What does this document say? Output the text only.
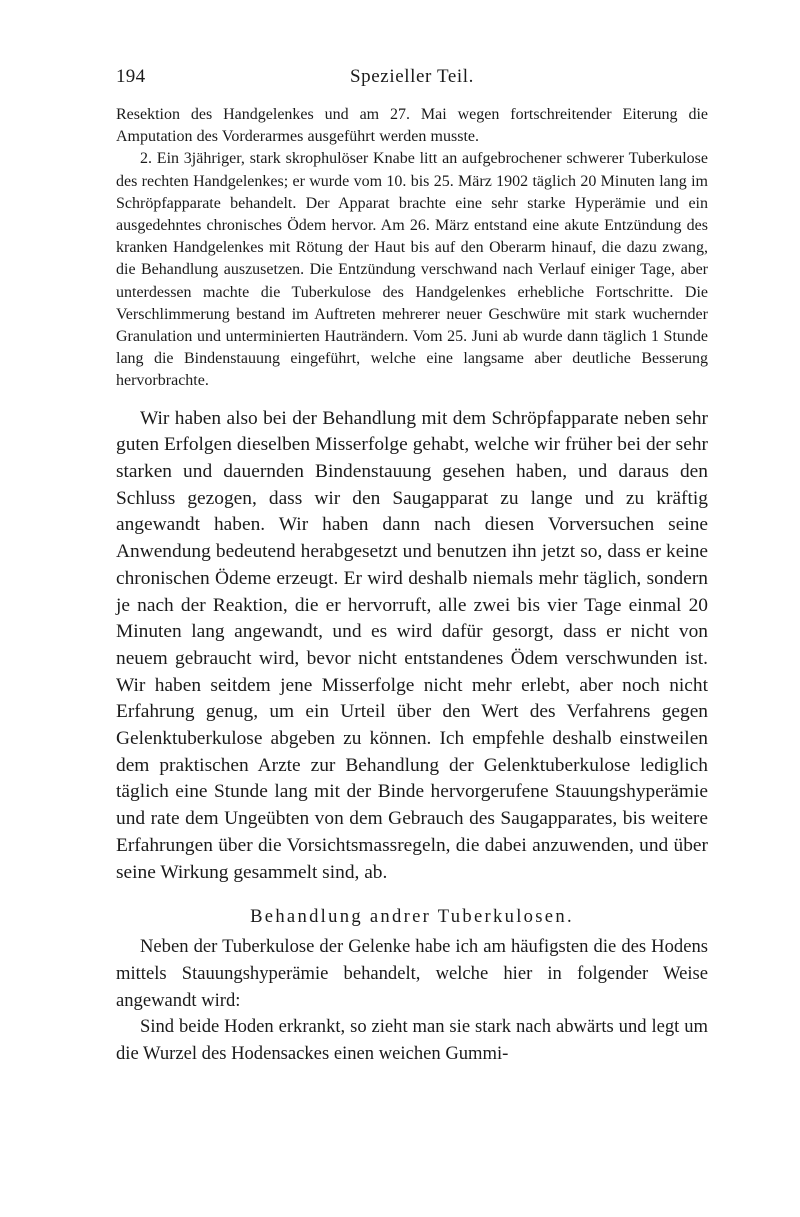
194	Spezieller Teil.

Resektion des Handgelenkes und am 27. Mai wegen fortschreitender Eiterung die Amputation des Vorderarmes ausgeführt werden musste.

2. Ein 3jähriger, stark skrophulöser Knabe litt an aufgebrochener schwerer Tuberkulose des rechten Handgelenkes; er wurde vom 10. bis 25. März 1902 täglich 20 Minuten lang im Schröpfapparate behandelt. Der Apparat brachte eine sehr starke Hyperämie und ein ausgedehntes chronisches Ödem hervor. Am 26. März entstand eine akute Entzündung des kranken Handgelenkes mit Rötung der Haut bis auf den Oberarm hinauf, die dazu zwang, die Behandlung auszusetzen. Die Entzündung verschwand nach Verlauf einiger Tage, aber unterdessen machte die Tuberkulose des Handgelenkes erhebliche Fortschritte. Die Verschlimmerung bestand im Auftreten mehrerer neuer Geschwüre mit stark wuchernder Granulation und unterminierten Hauträndern. Vom 25. Juni ab wurde dann täglich 1 Stunde lang die Bindenstauung eingeführt, welche eine langsame aber deutliche Besserung hervorbrachte.

Wir haben also bei der Behandlung mit dem Schröpfapparate neben sehr guten Erfolgen dieselben Misserfolge gehabt, welche wir früher bei der sehr starken und dauernden Bindenstauung gesehen haben, und daraus den Schluss gezogen, dass wir den Saugapparat zu lange und zu kräftig angewandt haben. Wir haben dann nach diesen Vorversuchen seine Anwendung bedeutend herabgesetzt und benutzen ihn jetzt so, dass er keine chronischen Ödeme erzeugt. Er wird deshalb niemals mehr täglich, sondern je nach der Reaktion, die er hervorruft, alle zwei bis vier Tage einmal 20 Minuten lang angewandt, und es wird dafür gesorgt, dass er nicht von neuem gebraucht wird, bevor nicht entstandenes Ödem verschwunden ist. Wir haben seitdem jene Misserfolge nicht mehr erlebt, aber noch nicht Erfahrung genug, um ein Urteil über den Wert des Verfahrens gegen Gelenktuberkulose abgeben zu können. Ich empfehle deshalb einstweilen dem praktischen Arzte zur Behandlung der Gelenktuberkulose lediglich täglich eine Stunde lang mit der Binde hervorgerufene Stauungshyperämie und rate dem Ungeübten von dem Gebrauch des Saugapparates, bis weitere Erfahrungen über die Vorsichtsmassregeln, die dabei anzuwenden, und über seine Wirkung gesammelt sind, ab.

Behandlung andrer Tuberkulosen.

Neben der Tuberkulose der Gelenke habe ich am häufigsten die des Hodens mittels Stauungshyperämie behandelt, welche hier in folgender Weise angewandt wird:

Sind beide Hoden erkrankt, so zieht man sie stark nach abwärts und legt um die Wurzel des Hodensackes einen weichen Gummi-
